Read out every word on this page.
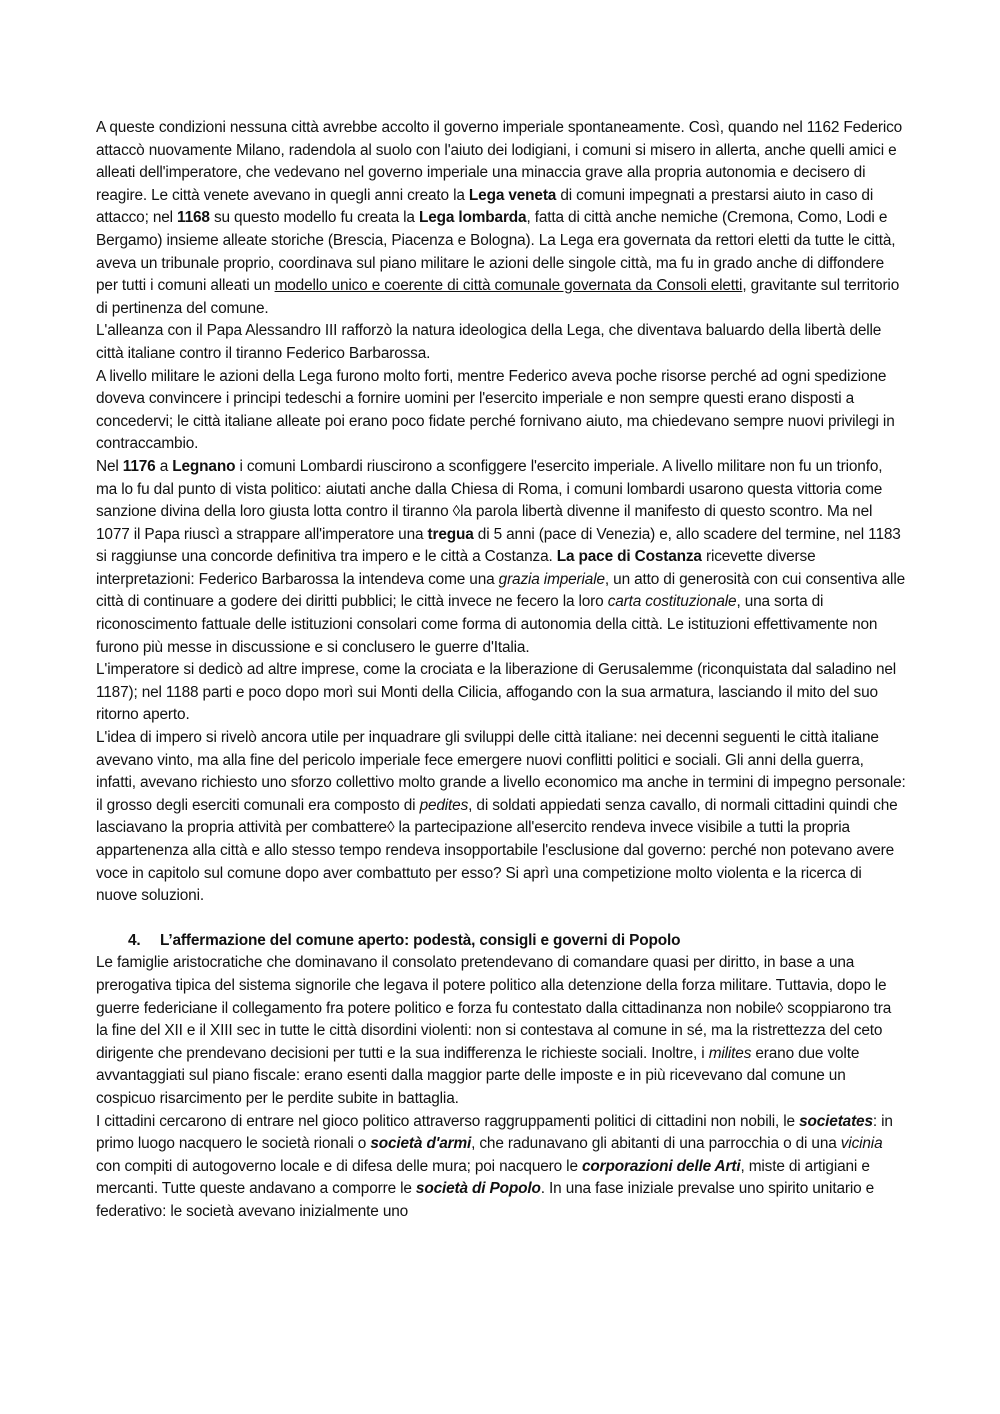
A queste condizioni nessuna città avrebbe accolto il governo imperiale spontaneamente. Così, quando nel 1162 Federico attaccò nuovamente Milano, radendola al suolo con l'aiuto dei lodigiani, i comuni si misero in allerta, anche quelli amici e alleati dell'imperatore, che vedevano nel governo imperiale una minaccia grave alla propria autonomia e decisero di reagire. Le città venete avevano in quegli anni creato la Lega veneta di comuni impegnati a prestarsi aiuto in caso di attacco; nel 1168 su questo modello fu creata la Lega lombarda, fatta di città anche nemiche (Cremona, Como, Lodi e Bergamo) insieme alleate storiche (Brescia, Piacenza e Bologna). La Lega era governata da rettori eletti da tutte le città, aveva un tribunale proprio, coordinava sul piano militare le azioni delle singole città, ma fu in grado anche di diffondere per tutti i comuni alleati un modello unico e coerente di città comunale governata da Consoli eletti, gravitante sul territorio di pertinenza del comune.

L'alleanza con il Papa Alessandro III rafforzò la natura ideologica della Lega, che diventava baluardo della libertà delle città italiane contro il tiranno Federico Barbarossa.

A livello militare le azioni della Lega furono molto forti, mentre Federico aveva poche risorse perché ad ogni spedizione doveva convincere i principi tedeschi a fornire uomini per l'esercito imperiale e non sempre questi erano disposti a concedervi; le città italiane alleate poi erano poco fidate perché fornivano aiuto, ma chiedevano sempre nuovi privilegi in contraccambio.

Nel 1176 a Legnano i comuni Lombardi riuscirono a sconfiggere l'esercito imperiale. A livello militare non fu un trionfo, ma lo fu dal punto di vista politico: aiutati anche dalla Chiesa di Roma, i comuni lombardi usarono questa vittoria come sanzione divina della loro giusta lotta contro il tiranno ◊la parola libertà divenne il manifesto di questo scontro. Ma nel 1077 il Papa riuscì a strappare all'imperatore una tregua di 5 anni (pace di Venezia) e, allo scadere del termine, nel 1183 si raggiunse una concorde definitiva tra impero e le città a Costanza. La pace di Costanza ricevette diverse interpretazioni: Federico Barbarossa la intendeva come una grazia imperiale, un atto di generosità con cui consentiva alle città di continuare a godere dei diritti pubblici; le città invece ne fecero la loro carta costituzionale, una sorta di riconoscimento fattuale delle istituzioni consolari come forma di autonomia della città. Le istituzioni effettivamente non furono più messe in discussione e si conclusero le guerre d'Italia.

L'imperatore si dedicò ad altre imprese, come la crociata e la liberazione di Gerusalemme (riconquistata dal saladino nel 1187); nel 1188 parti e poco dopo morì sui Monti della Cilicia, affogando con la sua armatura, lasciando il mito del suo ritorno aperto.

L'idea di impero si rivelò ancora utile per inquadrare gli sviluppi delle città italiane: nei decenni seguenti le città italiane avevano vinto, ma alla fine del pericolo imperiale fece emergere nuovi conflitti politici e sociali. Gli anni della guerra, infatti, avevano richiesto uno sforzo collettivo molto grande a livello economico ma anche in termini di impegno personale: il grosso degli eserciti comunali era composto di pedites, di soldati appiedati senza cavallo, di normali cittadini quindi che lasciavano la propria attività per combattere◊ la partecipazione all'esercito rendeva invece visibile a tutti la propria appartenenza alla città e allo stesso tempo rendeva insopportabile l'esclusione dal governo: perché non potevano avere voce in capitolo sul comune dopo aver combattuto per esso? Si aprì una competizione molto violenta e la ricerca di nuove soluzioni.

4. L’affermazione del comune aperto: podestà, consigli e governi di Popolo

Le famiglie aristocratiche che dominavano il consolato pretendevano di comandare quasi per diritto, in base a una prerogativa tipica del sistema signorile che legava il potere politico alla detenzione della forza militare. Tuttavia, dopo le guerre federiciane il collegamento fra potere politico e forza fu contestato dalla cittadinanza non nobile◊ scoppiarono tra la fine del XII e il XIII sec in tutte le città disordini violenti: non si contestava al comune in sé, ma la ristrettezza del ceto dirigente che prendevano decisioni per tutti e la sua indifferenza le richieste sociali. Inoltre, i milites erano due volte avvantaggiati sul piano fiscale: erano esenti dalla maggior parte delle imposte e in più ricevevano dal comune un cospicuo risarcimento per le perdite subite in battaglia.

I cittadini cercarono di entrare nel gioco politico attraverso raggruppamenti politici di cittadini non nobili, le societates: in primo luogo nacquero le società rionali o società d'armi, che radunavano gli abitanti di una parrocchia o di una vicinia con compiti di autogoverno locale e di difesa delle mura; poi nacquero le corporazioni delle Arti, miste di artigiani e mercanti. Tutte queste andavano a comporre le società di Popolo. In una fase iniziale prevalse uno spirito unitario e federativo: le società avevano inizialmente uno
